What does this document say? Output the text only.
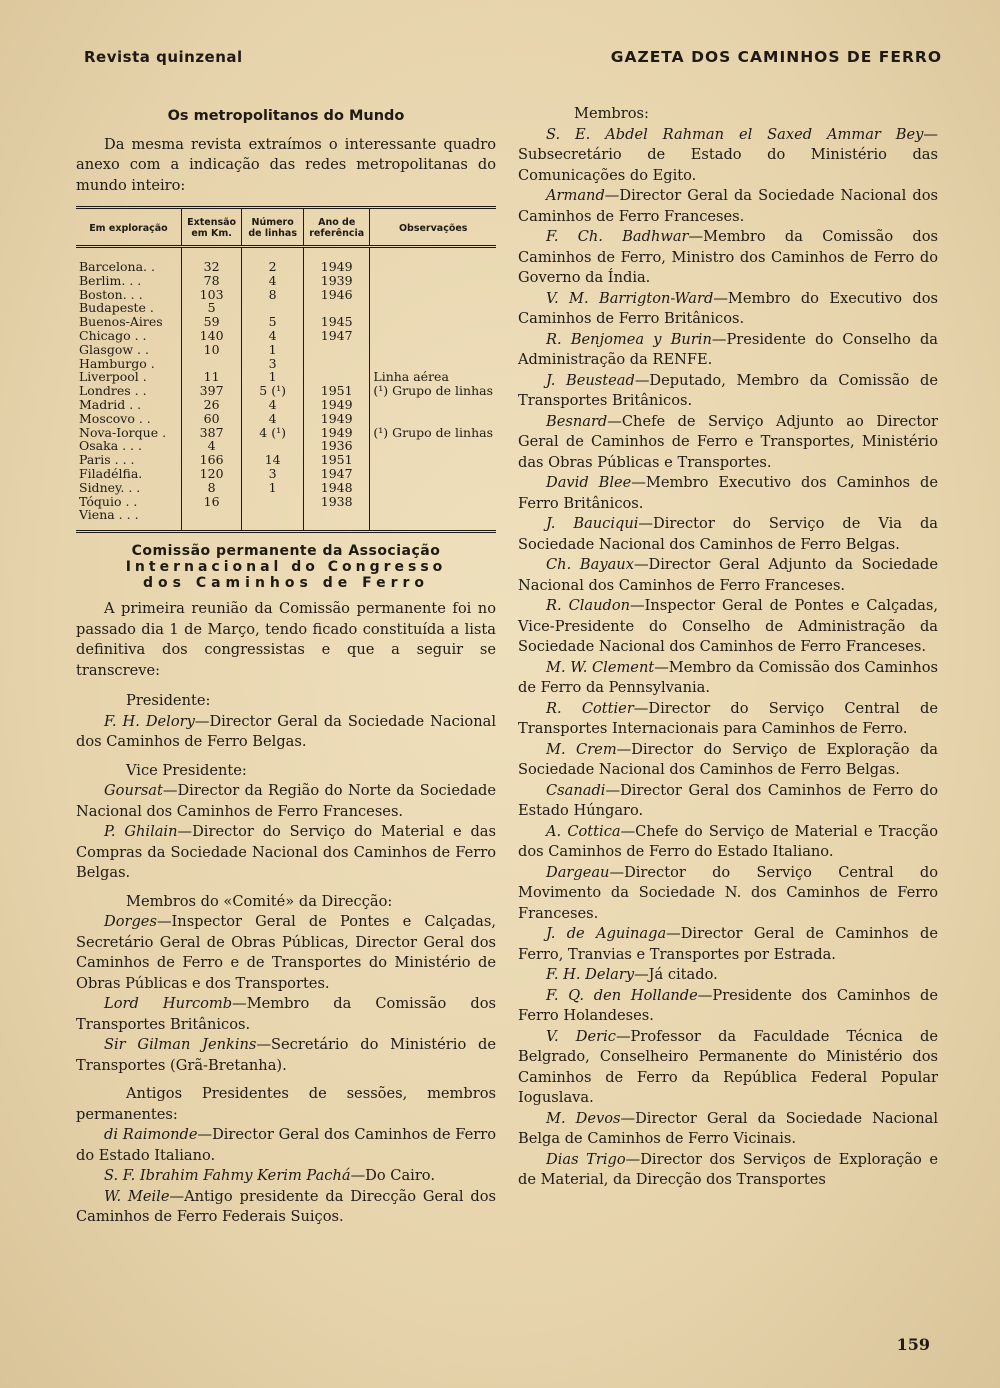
Revista quinzenal	GAZETA DOS CAMINHOS DE FERRO
Os metropolitanos do Mundo

Da mesma revista extraímos o interessante quadro anexo com a indicação das redes metropolitanas do mundo inteiro:

Em exploração	Extensão em Km.	Número de linhas	Ano de referência	Observações
Barcelona. .	32	2	1949	
Berlim. . .	78	4	1939	
Boston. . .	103	8	1946	
Budapeste .	5			
Buenos-Aires	59	5	1945	
Chicago . .	140	4	1947	
Glasgow . .	10	1		
Hamburgo .		3		
Liverpool .	11	1		Linha aérea
Londres . .	397	5 (¹)	1951	(¹) Grupo de linhas
Madrid . .	26	4	1949	
Moscovo . .	60	4	1949	
Nova-Iorque .	387	4 (¹)	1949	(¹) Grupo de linhas
Osaka . . .	4		1936	
Paris . . .	166	14	1951	
Filadélfia.	120	3	1947	
Sidney. . .	8	1	1948	
Tóquio . .	16		1938	
Viena . . .				
Comissão permanente da Associação
Internacional do Congresso
dos Caminhos de Ferro

A primeira reunião da Comissão permanente foi no passado dia 1 de Março, tendo ficado constituída a lista definitiva dos congressistas e que a seguir se transcreve:

Presidente:

F. H. Delory—Director Geral da Sociedade Nacional dos Caminhos de Ferro Belgas.

Vice Presidente:

Goursat—Director da Região do Norte da Sociedade Nacional dos Caminhos de Ferro Franceses.

P. Ghilain—Director do Serviço do Material e das Compras da Sociedade Nacional dos Caminhos de Ferro Belgas.

Membros do «Comité» da Direcção:

Dorges—Inspector Geral de Pontes e Calçadas, Secretário Geral de Obras Públicas, Director Geral dos Caminhos de Ferro e de Transportes do Ministério de Obras Públicas e dos Transportes.

Lord Hurcomb—Membro da Comissão dos Transportes Britânicos.

Sir Gilman Jenkins—Secretário do Ministério de Transportes (Grã-Bretanha).

Antigos Presidentes de sessões, membros permanentes:

di Raimonde—Director Geral dos Caminhos de Ferro do Estado Italiano.

S. F. Ibrahim Fahmy Kerim Pachá—Do Cairo.

W. Meile—Antigo presidente da Direcção Geral dos Caminhos de Ferro Federais Suiços.

Membros:

S. E. Abdel Rahman el Saxed Ammar Bey—Subsecretário de Estado do Ministério das Comunicações do Egito.

Armand—Director Geral da Sociedade Nacional dos Caminhos de Ferro Franceses.

F. Ch. Badhwar—Membro da Comissão dos Caminhos de Ferro, Ministro dos Caminhos de Ferro do Governo da Índia.

V. M. Barrigton-Ward—Membro do Executivo dos Caminhos de Ferro Britânicos.

R. Benjomea y Burin—Presidente do Conselho da Administração da RENFE.

J. Beustead—Deputado, Membro da Comissão de Transportes Britânicos.

Besnard—Chefe de Serviço Adjunto ao Director Geral de Caminhos de Ferro e Transportes, Ministério das Obras Públicas e Transportes.

David Blee—Membro Executivo dos Caminhos de Ferro Britânicos.

J. Bauciqui—Director do Serviço de Via da Sociedade Nacional dos Caminhos de Ferro Belgas.

Ch. Bayaux—Director Geral Adjunto da Sociedade Nacional dos Caminhos de Ferro Franceses.

R. Claudon—Inspector Geral de Pontes e Calçadas, Vice-Presidente do Conselho de Administração da Sociedade Nacional dos Caminhos de Ferro Franceses.

M. W. Clement—Membro da Comissão dos Caminhos de Ferro da Pennsylvania.

R. Cottier—Director do Serviço Central de Transportes Internacionais para Caminhos de Ferro.

M. Crem—Director do Serviço de Exploração da Sociedade Nacional dos Caminhos de Ferro Belgas.

Csanadi—Director Geral dos Caminhos de Ferro do Estado Húngaro.

A. Cottica—Chefe do Serviço de Material e Tracção dos Caminhos de Ferro do Estado Italiano.

Dargeau—Director do Serviço Central do Movimento da Sociedade N. dos Caminhos de Ferro Franceses.

J. de Aguinaga—Director Geral de Caminhos de Ferro, Tranvias e Transportes por Estrada.

F. H. Delary—Já citado.

F. Q. den Hollande—Presidente dos Caminhos de Ferro Holandeses.

V. Deric—Professor da Faculdade Técnica de Belgrado, Conselheiro Permanente do Ministério dos Caminhos de Ferro da República Federal Popular Ioguslava.

M. Devos—Director Geral da Sociedade Nacional Belga de Caminhos de Ferro Vicinais.

Dias Trigo—Director dos Serviços de Exploração e de Material, da Direcção dos Transportes

159
